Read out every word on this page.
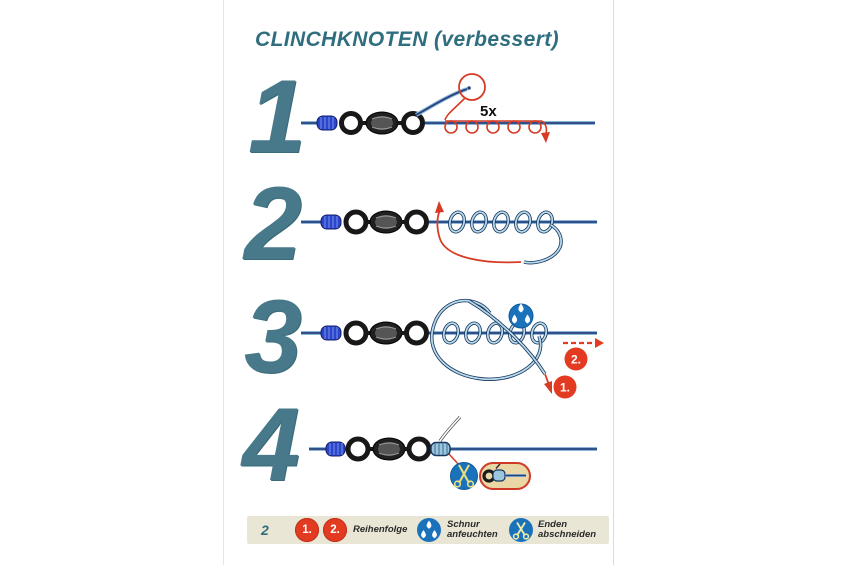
CLINCHKNOTEN (verbessert)
1	5x
2
3	2.
1.
4
2	1.	2.	Reihenfolge	Schnur
anfeuchten
Enden
abschneiden
